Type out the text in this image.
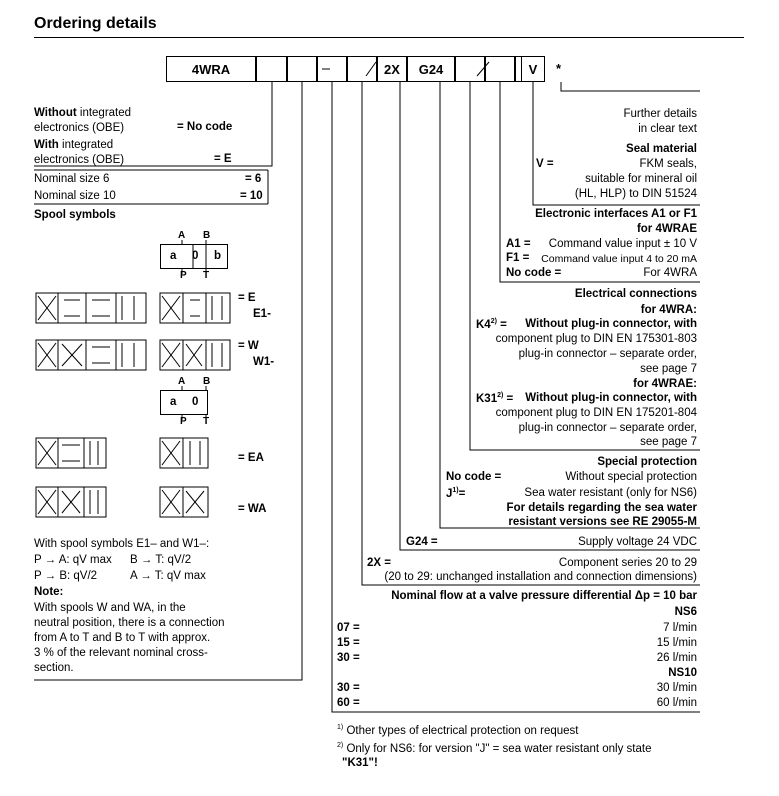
Ordering details
4WRA	2X	G24	V	*
Without integrated
electronics (OBE)	= No code
With integrated
electronics (OBE)	= E
Nominal size 6	= 6
Nominal size 10	= 10
Spool symbols
A B
a 0 b
P T
= E
E1-
= W
W1-
A B
a 0
P T
= EA
= WA
With spool symbols E1– and W1–:
P → A: qV max B → T: qV/2
P → B: qV/2	A → T: qV max
Note:
With spools W and WA, in the
neutral position, there is a connection
from A to T and B to T with approx.
3 % of the relevant nominal cross-
section.
Further details
in clear text
Seal material
V =	FKM seals,
suitable for mineral oil
(HL, HLP) to DIN 51524
Electronic interfaces A1 or F1
for 4WRAE
A1 = Command value input ± 10 V
F1 = Command value input 4 to 20 mA
No code =	For 4WRA
Electrical connections
for 4WRA:
$K4^{2)}$ = Without plug-in connector, with
component plug to DIN EN 175301-803
plug-in connector – separate order,
see page 7
for 4WRAE:
$K31^{2)}$ = Without plug-in connector, with
component plug to DIN EN 175201-804
plug-in connector – separate order,
see page 7
Special protection
No code =	Without special protection
$J^{1)}=$	Sea water resistant (only for NS6)
For details regarding the sea water
resistant versions see RE 29055-M
G24 =	Supply voltage 24 VDC
2X =	Component series 20 to 29
(20 to 29: unchanged installation and connection dimensions)
Nominal flow at a valve pressure differential Δp = 10 bar
NS6
07 =	7 l/min
15 =	15 l/min
30 =	26 l/min
NS10
30 =	30 l/min
60 =	60 l/min
$^{1)}$ Other types of electrical protection on request
$^{2)}$ Only for NS6: for version "J" = sea water resistant only state
"K31"!
